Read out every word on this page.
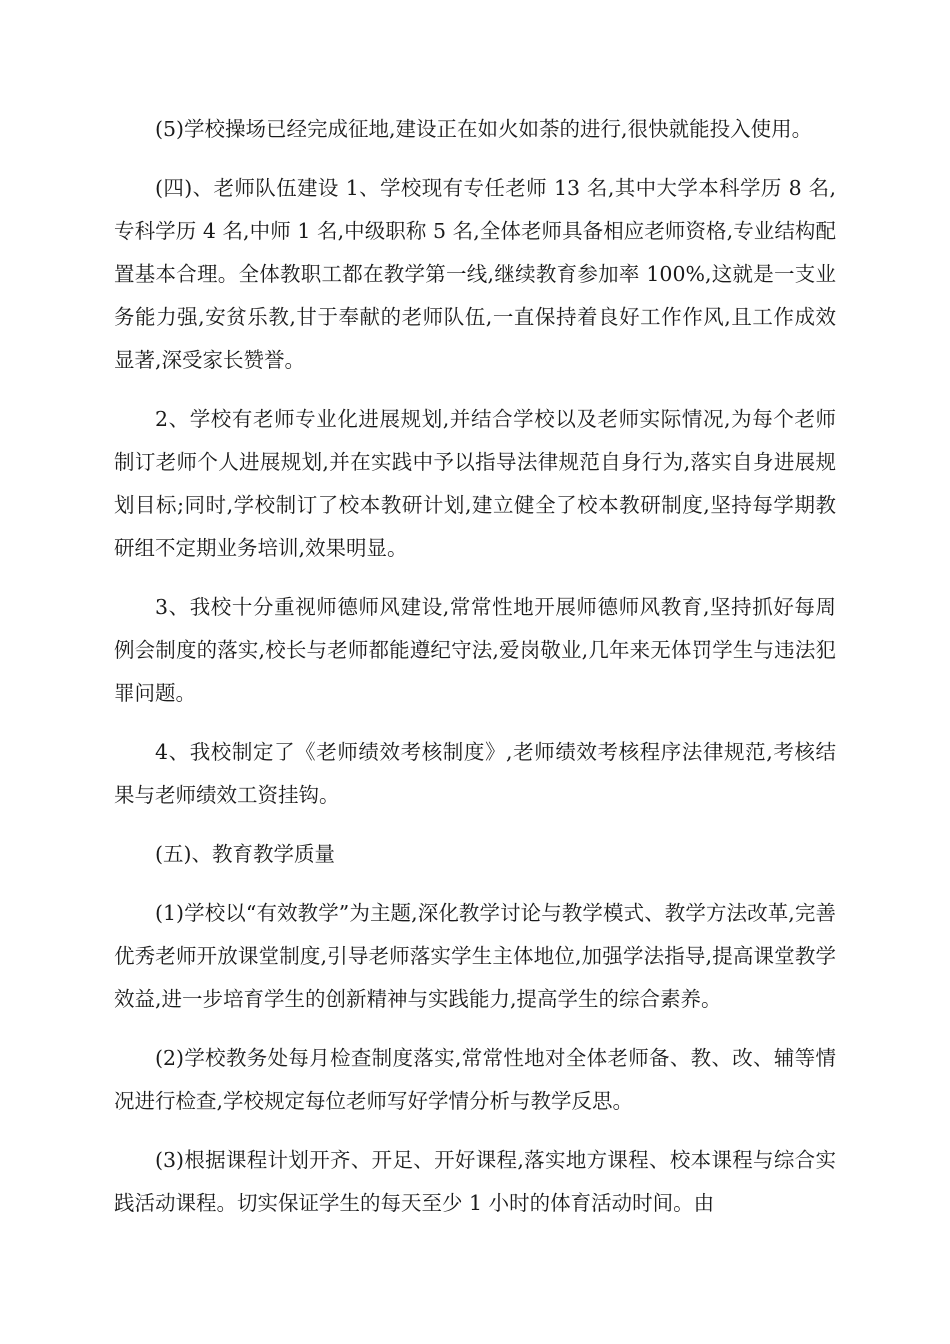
(5)学校操场已经完成征地,建设正在如火如荼的进行,很快就能投入使用。

(四)、老师队伍建设 1、学校现有专任老师 13 名,其中大学本科学历 8 名,专科学历 4 名,中师 1 名,中级职称 5 名,全体老师具备相应老师资格,专业结构配置基本合理。全体教职工都在教学第一线,继续教育参加率 100%,这就是一支业务能力强,安贫乐教,甘于奉献的老师队伍,一直保持着良好工作作风,且工作成效显著,深受家长赞誉。

2、学校有老师专业化进展规划,并结合学校以及老师实际情况,为每个老师制订老师个人进展规划,并在实践中予以指导法律规范自身行为,落实自身进展规划目标;同时,学校制订了校本教研计划,建立健全了校本教研制度,坚持每学期教研组不定期业务培训,效果明显。

3、我校十分重视师德师风建设,常常性地开展师德师风教育,坚持抓好每周例会制度的落实,校长与老师都能遵纪守法,爱岗敬业,几年来无体罚学生与违法犯罪问题。

4、我校制定了《老师绩效考核制度》,老师绩效考核程序法律规范,考核结果与老师绩效工资挂钩。

(五)、教育教学质量

(1)学校以“有效教学”为主题,深化教学讨论与教学模式、教学方法改革,完善优秀老师开放课堂制度,引导老师落实学生主体地位,加强学法指导,提高课堂教学效益,进一步培育学生的创新精神与实践能力,提高学生的综合素养。

(2)学校教务处每月检查制度落实,常常性地对全体老师备、教、改、辅等情况进行检查,学校规定每位老师写好学情分析与教学反思。

(3)根据课程计划开齐、开足、开好课程,落实地方课程、校本课程与综合实践活动课程。切实保证学生的每天至少 1 小时的体育活动时间。由
